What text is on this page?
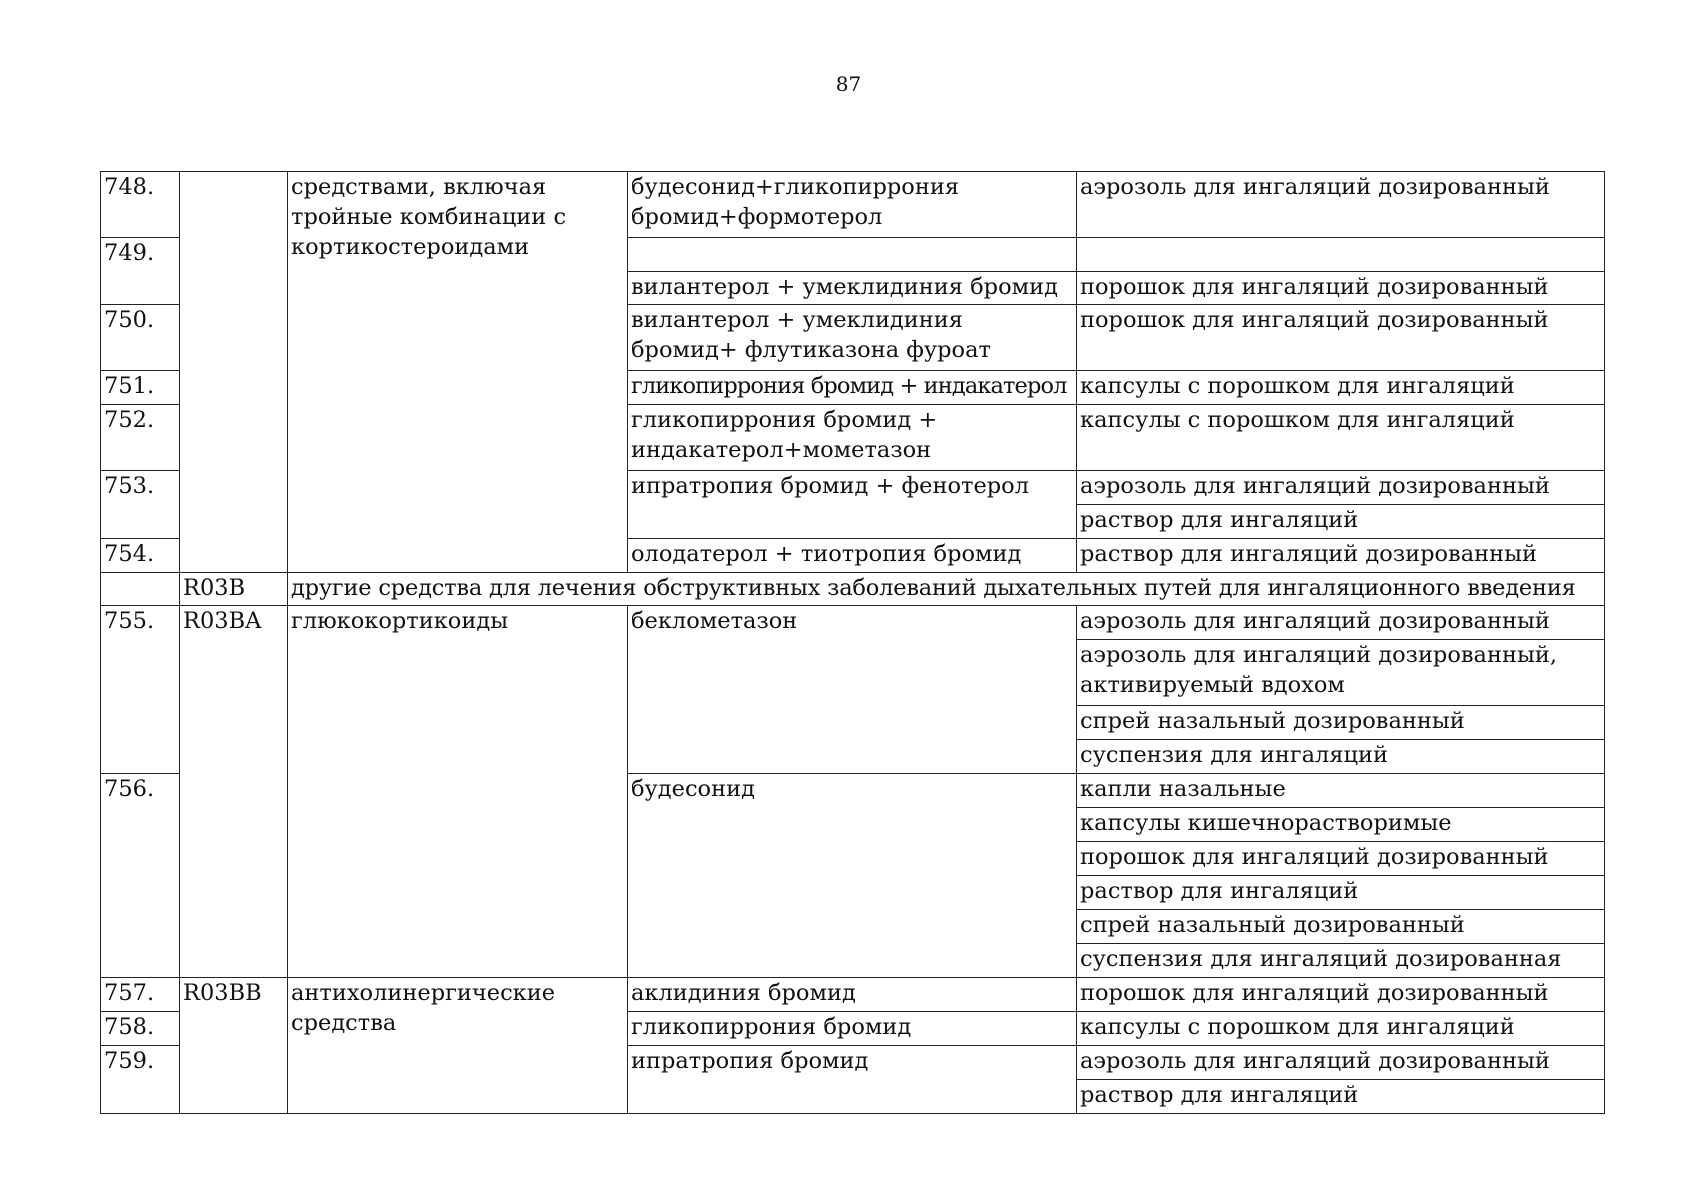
87
748.		средствами, включая тройные комбинации с кортикостероидами	будесонид+гликопиррония бромид+формотерол	аэрозоль для ингаляций дозированный
749.				
			вилантерол + умеклидиния бромид	порошок для ингаляций дозированный
750.			вилантерол + умеклидиния бромид+ флутиказона фуроат	порошок для ингаляций дозированный
751.			гликопиррония бромид + индакатерол	капсулы с порошком для ингаляций
752.			гликопиррония бромид + индакатерол+мометазон	капсулы с порошком для ингаляций
753.			ипратропия бромид + фенотерол	аэрозоль для ингаляций дозированный
				раствор для ингаляций
754.			олодатерол + тиотропия бромид	раствор для ингаляций дозированный
	R03B	другие средства для лечения обструктивных заболеваний дыхательных путей для ингаляционного введения		
755.	R03BA	глюкокортикоиды	беклометазон	аэрозоль для ингаляций дозированный
				аэрозоль для ингаляций дозированный, активируемый вдохом
				спрей назальный дозированный
				суспензия для ингаляций
756.			будесонид	капли назальные
				капсулы кишечнорастворимые
				порошок для ингаляций дозированный
				раствор для ингаляций
				спрей назальный дозированный
				суспензия для ингаляций дозированная
757.	R03BB	антихолинергические средства	аклидиния бромид	порошок для ингаляций дозированный
758.			гликопиррония бромид	капсулы с порошком для ингаляций
759.			ипратропия бромид	аэрозоль для ингаляций дозированный
				раствор для ингаляций
